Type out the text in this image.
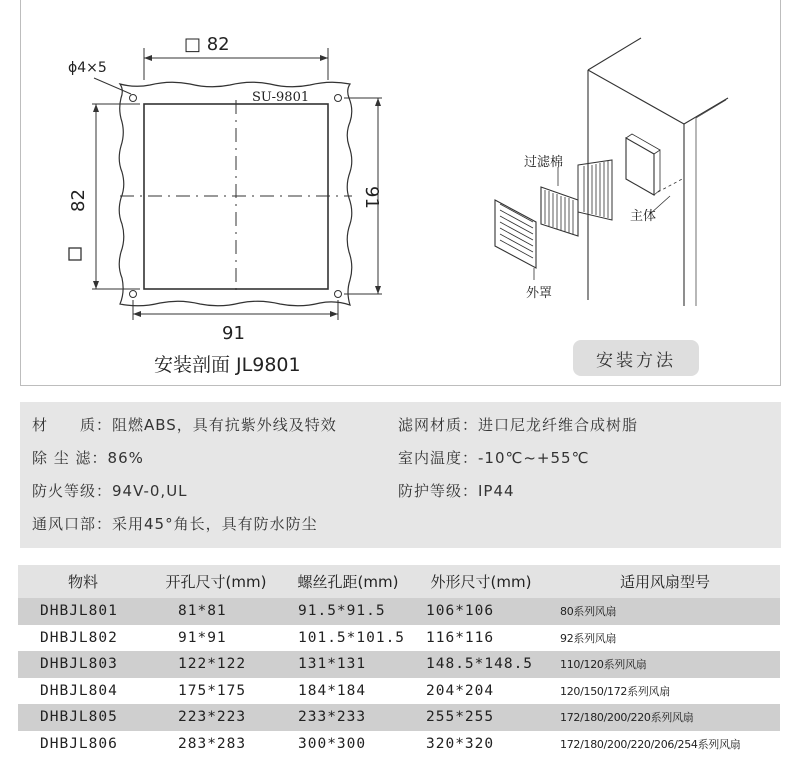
□ 82
ϕ4×5
SU-9801
82	91
91
安装剖面 JL9801
过滤棉
主体
外罩
安装方法
材　　质：阻燃ABS，具有抗紫外线及特效	滤网材质：进口尼龙纤维合成树脂
除 尘 滤：86%	室内温度：-10℃~+55℃
防火等级：94V-0,UL	防护等级：IP44
通风口部：采用45°角长，具有防水防尘
物料	开孔尺寸(mm)	螺丝孔距(mm)	外形尺寸(mm)	适用风扇型号
DHBJL801	81*81	91.5*91.5	106*106	80系列风扇
DHBJL802	91*91	101.5*101.5	116*116	92系列风扇
DHBJL803	122*122	131*131	148.5*148.5	110/120系列风扇
DHBJL804	175*175	184*184	204*204	120/150/172系列风扇
DHBJL805	223*223	233*233	255*255	172/180/200/220系列风扇
DHBJL806	283*283	300*300	320*320	172/180/200/220/206/254系列风扇
